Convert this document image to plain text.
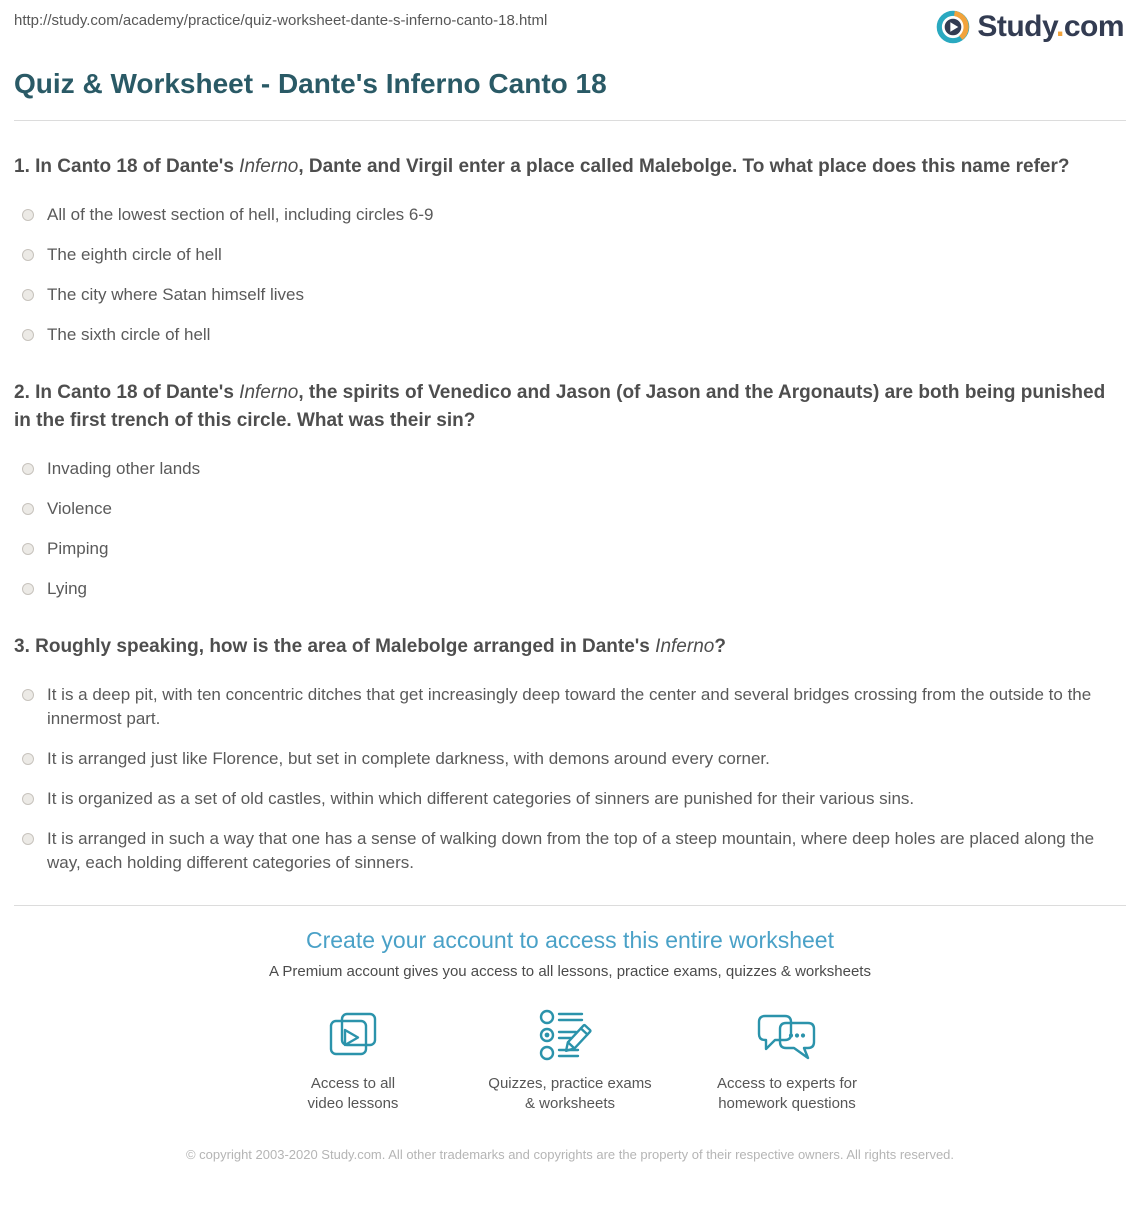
http://study.com/academy/practice/quiz-worksheet-dante-s-inferno-canto-18.html	Study.com
Quiz & Worksheet - Dante's Inferno Canto 18
1. In Canto 18 of Dante's Inferno, Dante and Virgil enter a place called Malebolge. To what place does this name refer?
All of the lowest section of hell, including circles 6-9
The eighth circle of hell
The city where Satan himself lives
The sixth circle of hell
2. In Canto 18 of Dante's Inferno, the spirits of Venedico and Jason (of Jason and the Argonauts) are both being punished in the first trench of this circle. What was their sin?
Invading other lands
Violence
Pimping
Lying
3. Roughly speaking, how is the area of Malebolge arranged in Dante's Inferno?
It is a deep pit, with ten concentric ditches that get increasingly deep toward the center and several bridges crossing from the outside to the innermost part.
It is arranged just like Florence, but set in complete darkness, with demons around every corner.
It is organized as a set of old castles, within which different categories of sinners are punished for their various sins.
It is arranged in such a way that one has a sense of walking down from the top of a steep mountain, where deep holes are placed along the way, each holding different categories of sinners.
Create your account to access this entire worksheet
A Premium account gives you access to all lessons, practice exams, quizzes & worksheets
Access to all
video lessons
Quizzes, practice exams
& worksheets
Access to experts for
homework questions
© copyright 2003-2020 Study.com. All other trademarks and copyrights are the property of their respective owners. All rights reserved.
